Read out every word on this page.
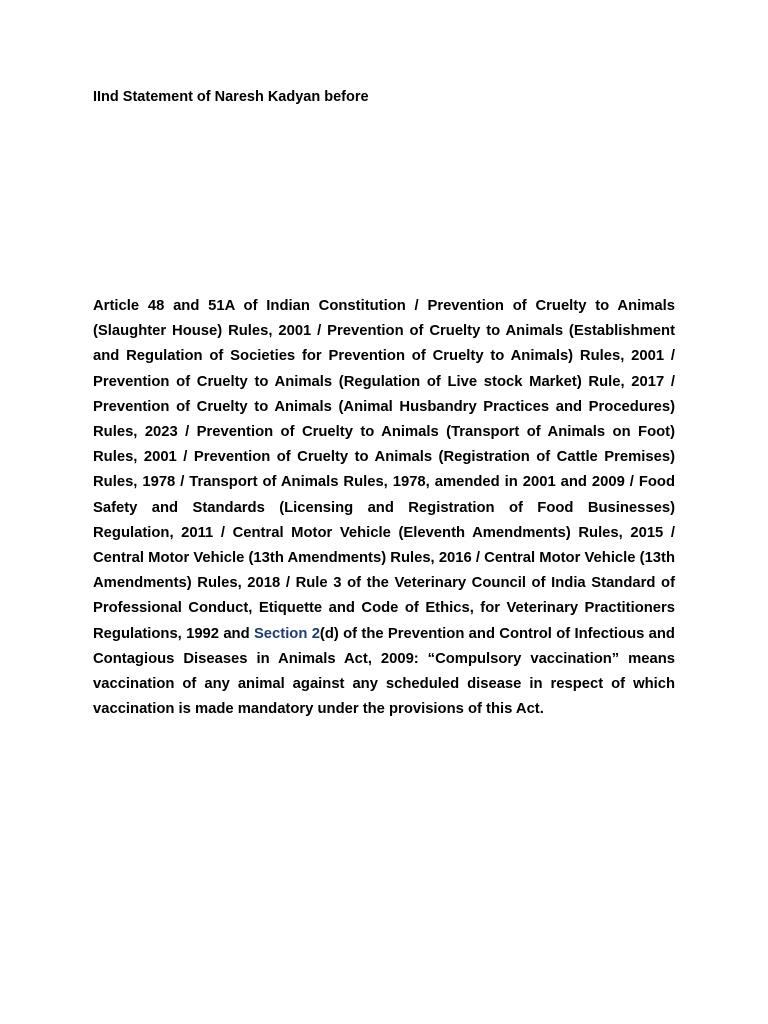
IInd Statement of Naresh Kadyan before

Article 48 and 51A of Indian Constitution / Prevention of Cruelty to Animals (Slaughter House) Rules, 2001 / Prevention of Cruelty to Animals (Establishment and Regulation of Societies for Prevention of Cruelty to Animals) Rules, 2001 / Prevention of Cruelty to Animals (Regulation of Live stock Market) Rule, 2017 / Prevention of Cruelty to Animals (Animal Husbandry Practices and Procedures) Rules, 2023 / Prevention of Cruelty to Animals (Transport of Animals on Foot) Rules, 2001 / Prevention of Cruelty to Animals (Registration of Cattle Premises) Rules, 1978 / Transport of Animals Rules, 1978, amended in 2001 and 2009 / Food Safety and Standards (Licensing and Registration of Food Businesses) Regulation, 2011 / Central Motor Vehicle (Eleventh Amendments) Rules, 2015 / Central Motor Vehicle (13th Amendments) Rules, 2016 / Central Motor Vehicle (13th Amendments) Rules, 2018 / Rule 3 of the Veterinary Council of India Standard of Professional Conduct, Etiquette and Code of Ethics, for Veterinary Practitioners Regulations, 1992 and Section 2(d) of the Prevention and Control of Infectious and Contagious Diseases in Animals Act, 2009: “Compulsory vaccination” means vaccination of any animal against any scheduled disease in respect of which vaccination is made mandatory under the provisions of this Act.
